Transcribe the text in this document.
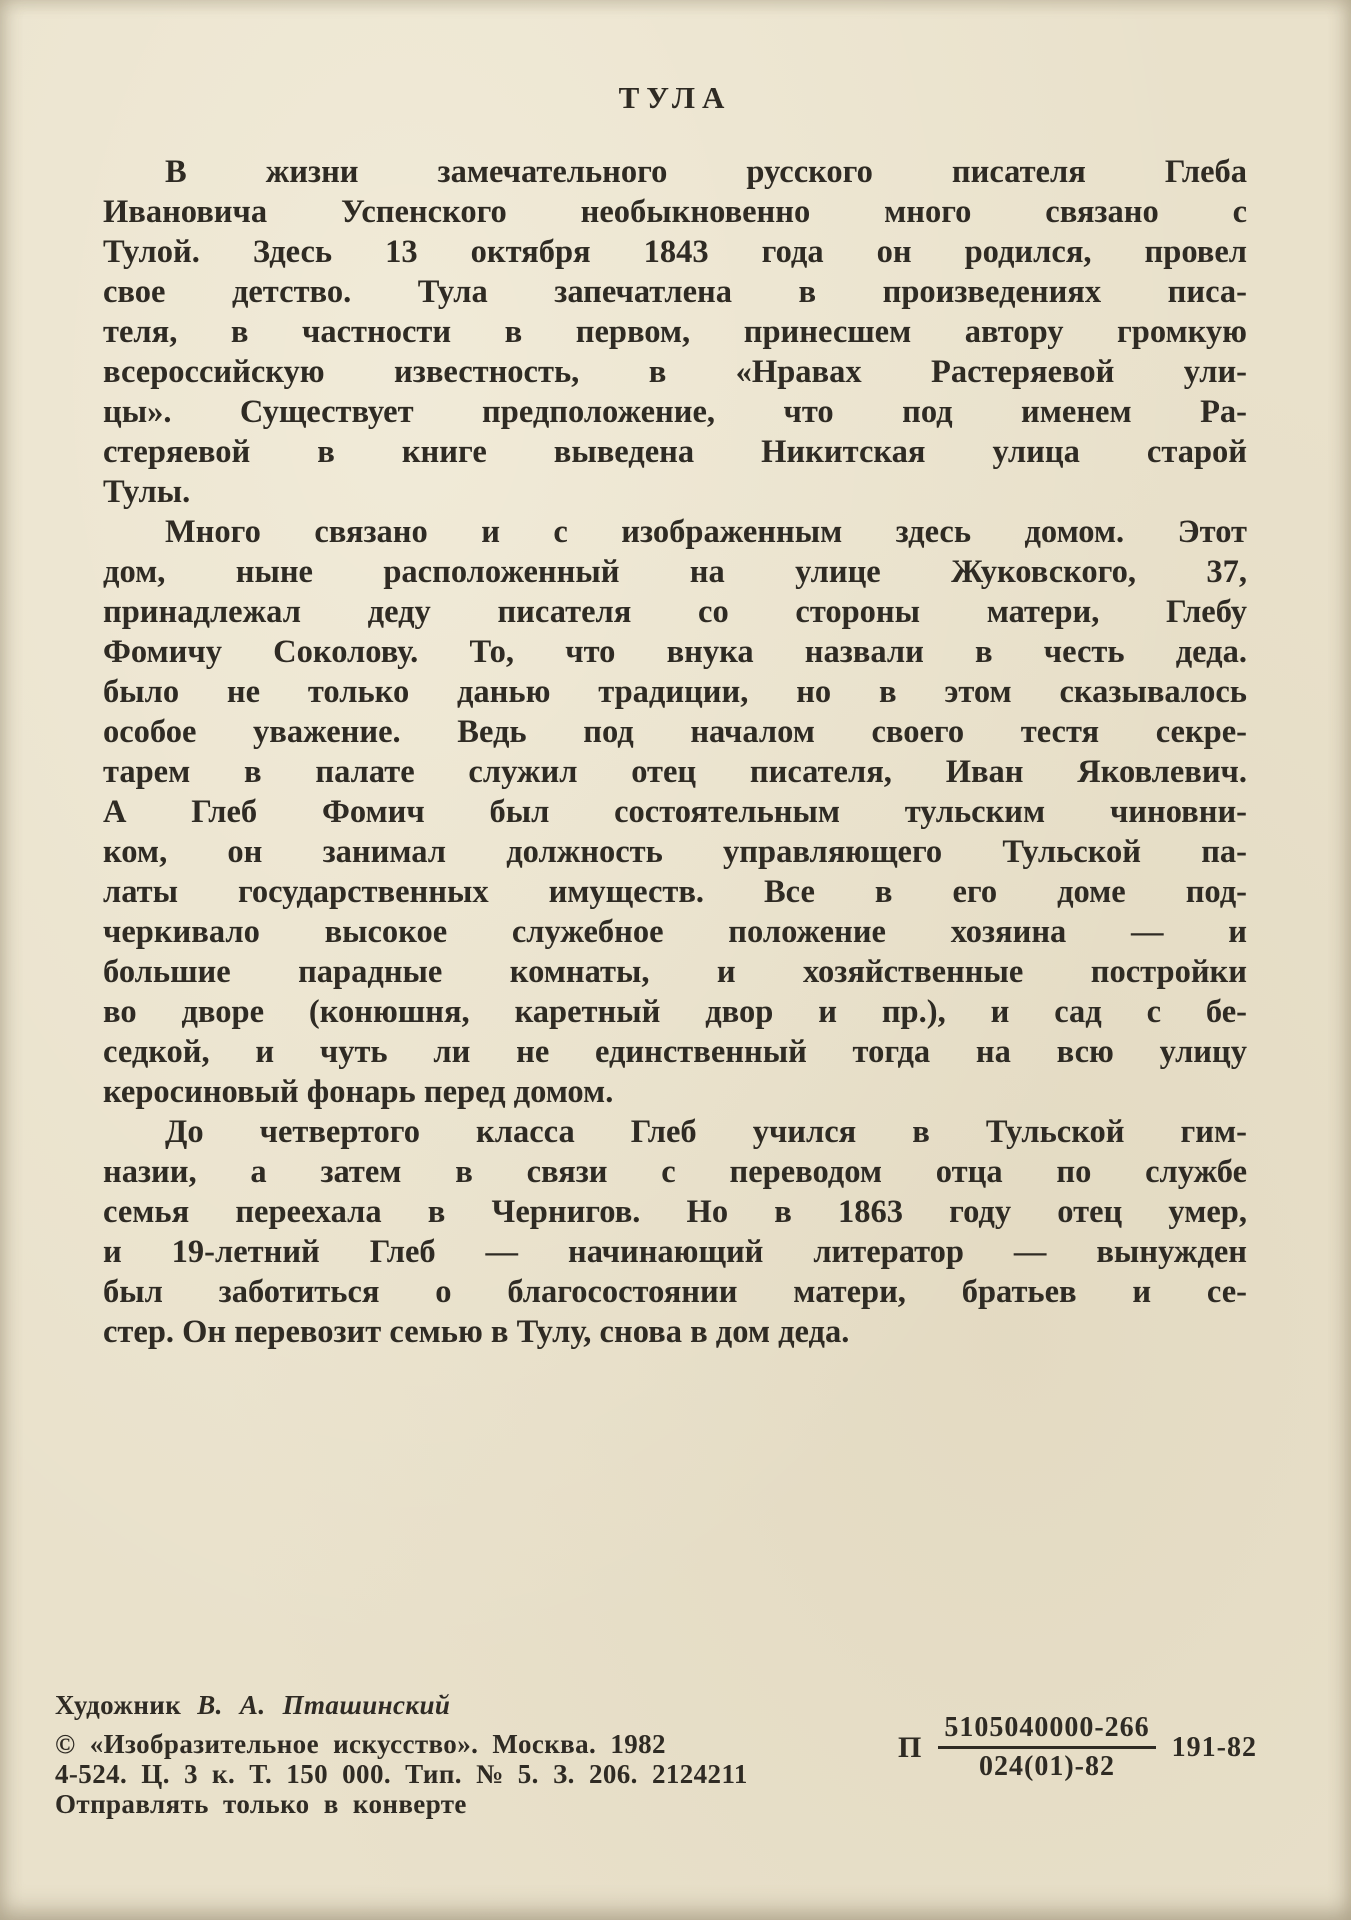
ТУЛА
В жизни замечательного русского писателя Глеба
Ивановича Успенского необыкновенно много связано с
Тулой. Здесь 13 октября 1843 года он родился, провел
свое детство. Тула запечатлена в произведениях писа-
теля, в частности в первом, принесшем автору громкую
всероссийскую известность, в «Нравах Растеряевой ули-
цы». Существует предположение, что под именем Ра-
стеряевой в книге выведена Никитская улица старой
Тулы.
Много связано и с изображенным здесь домом. Этот
дом, ныне расположенный на улице Жуковского, 37,
принадлежал деду писателя со стороны матери, Глебу
Фомичу Соколову. То, что внука назвали в честь деда.
было не только данью традиции, но в этом сказывалось
особое уважение. Ведь под началом своего тестя секре-
тарем в палате служил отец писателя, Иван Яковлевич.
А Глеб Фомич был состоятельным тульским чиновни-
ком, он занимал должность управляющего Тульской па-
латы государственных имуществ. Все в его доме под-
черкивало высокое служебное положение хозяина — и
большие парадные комнаты, и хозяйственные постройки
во дворе (конюшня, каретный двор и пр.), и сад с бе-
седкой, и чуть ли не единственный тогда на всю улицу
керосиновый фонарь перед домом.
До четвертого класса Глеб учился в Тульской гим-
назии, а затем в связи с переводом отца по службе
семья переехала в Чернигов. Но в 1863 году отец умер,
и 19-летний Глеб — начинающий литератор — вынужден
был заботиться о благосостоянии матери, братьев и се-
стер. Он перевозит семью в Тулу, снова в дом деда.
Художник В. А. Пташинский
© «Изобразительное искусство». Москва. 1982
4-524. Ц. 3 к. Т. 150 000. Тип. № 5. З. 206. 2124211
Отправлять только в конверте
П $\frac{5105040000-266}{024(01)-82} 191-82$
